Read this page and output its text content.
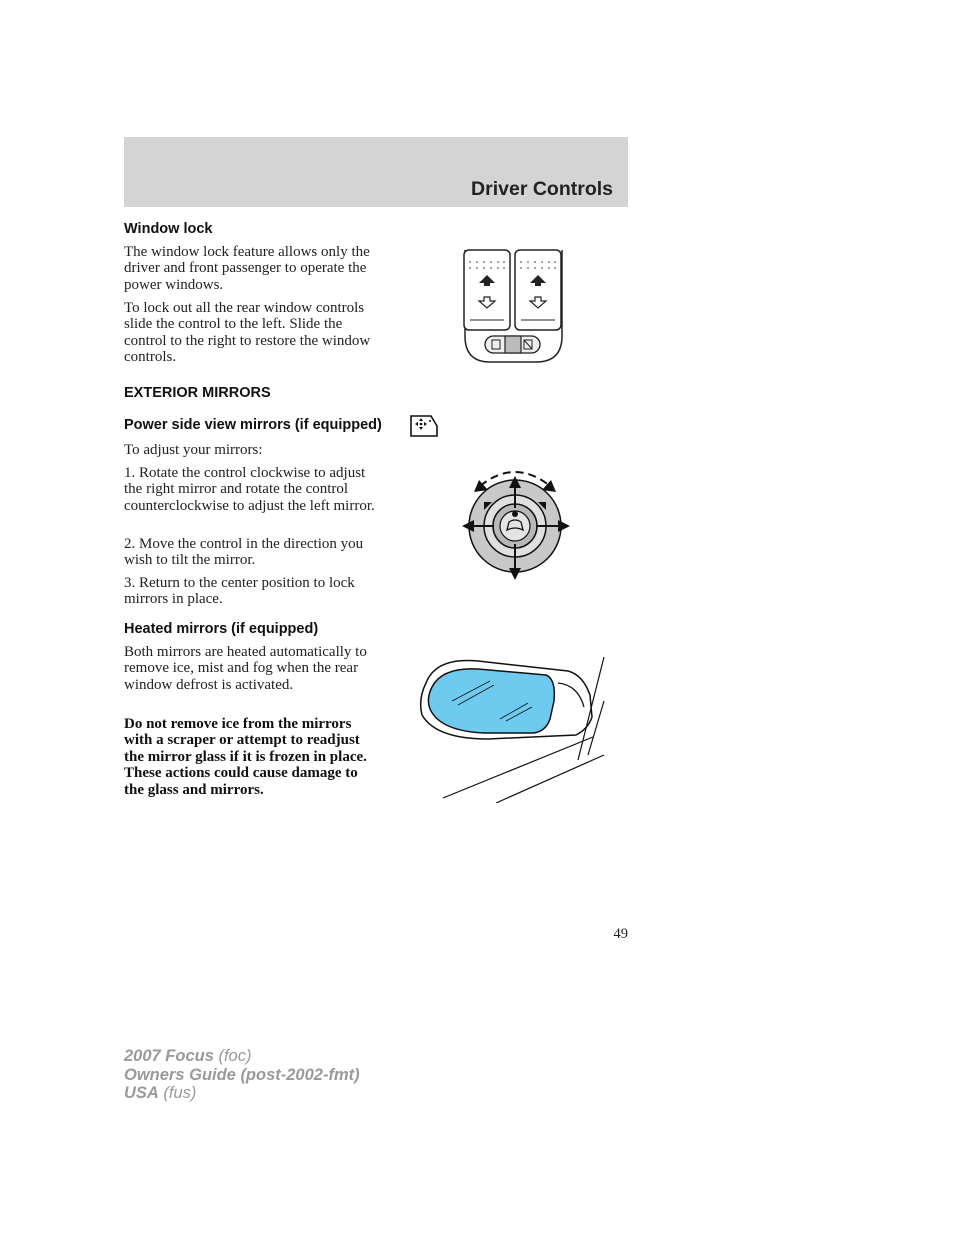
Driver Controls
Window lock

The window lock feature allows only the driver and front passenger to operate the power windows.

To lock out all the rear window controls slide the control to the left. Slide the control to the right to restore the window controls.

EXTERIOR MIRRORS
Power side view mirrors (if equipped)

To adjust your mirrors:

1. Rotate the control clockwise to adjust the right mirror and rotate the control counterclockwise to adjust the left mirror.

2. Move the control in the direction you wish to tilt the mirror.

3. Return to the center position to lock mirrors in place.

Heated mirrors (if equipped)

Both mirrors are heated automatically to remove ice, mist and fog when the rear window defrost is activated.

Do not remove ice from the mirrors with a scraper or attempt to readjust the mirror glass if it is frozen in place. These actions could cause damage to the glass and mirrors.

49
2007 Focus (foc)
Owners Guide (post-2002-fmt)
USA (fus)
